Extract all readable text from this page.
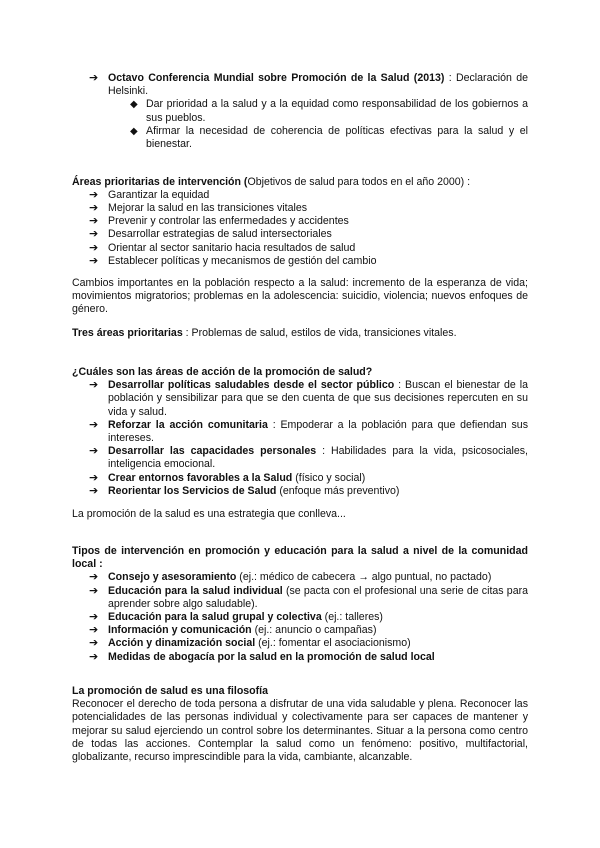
➔ Octavo Conferencia Mundial sobre Promoción de la Salud (2013) : Declaración de Helsinki.
◆ Dar prioridad a la salud y a la equidad como responsabilidad de los gobiernos a sus pueblos.
◆ Afirmar la necesidad de coherencia de políticas efectivas para la salud y el bienestar.

Áreas prioritarias de intervención (Objetivos de salud para todos en el año 2000) :

➔ Garantizar la equidad
➔ Mejorar la salud en las transiciones vitales
➔ Prevenir y controlar las enfermedades y accidentes
➔ Desarrollar estrategias de salud intersectoriales
➔ Orientar al sector sanitario hacia resultados de salud
➔ Establecer políticas y mecanismos de gestión del cambio

Cambios importantes en la población respecto a la salud: incremento de la esperanza de vida; movimientos migratorios; problemas en la adolescencia: suicidio, violencia; nuevos enfoques de género.

Tres áreas prioritarias : Problemas de salud, estilos de vida, transiciones vitales.

¿Cuáles son las áreas de acción de la promoción de salud?

➔ Desarrollar políticas saludables desde el sector público : Buscan el bienestar de la población y sensibilizar para que se den cuenta de que sus decisiones repercuten en su vida y salud.
➔ Reforzar la acción comunitaria : Empoderar a la población para que defiendan sus intereses.
➔ Desarrollar las capacidades personales : Habilidades para la vida, psicosociales, inteligencia emocional.
➔ Crear entornos favorables a la Salud (físico y social)
➔ Reorientar los Servicios de Salud (enfoque más preventivo)

La promoción de la salud es una estrategia que conlleva...

Tipos de intervención en promoción y educación para la salud a nivel de la comunidad local :

➔ Consejo y asesoramiento (ej.: médico de cabecera → algo puntual, no pactado)
➔ Educación para la salud individual (se pacta con el profesional una serie de citas para aprender sobre algo saludable).
➔ Educación para la salud grupal y colectiva (ej.: talleres)
➔ Información y comunicación (ej.: anuncio o campañas)
➔ Acción y dinamización social (ej.: fomentar el asociacionismo)
➔ Medidas de abogacía por la salud en la promoción de salud local

La promoción de salud es una filosofía

Reconocer el derecho de toda persona a disfrutar de una vida saludable y plena. Reconocer las potencialidades de las personas individual y colectivamente para ser capaces de mantener y mejorar su salud ejerciendo un control sobre los determinantes. Situar a la persona como centro de todas las acciones. Contemplar la salud como un fenómeno: positivo, multifactorial, globalizante, recurso imprescindible para la vida, cambiante, alcanzable.
